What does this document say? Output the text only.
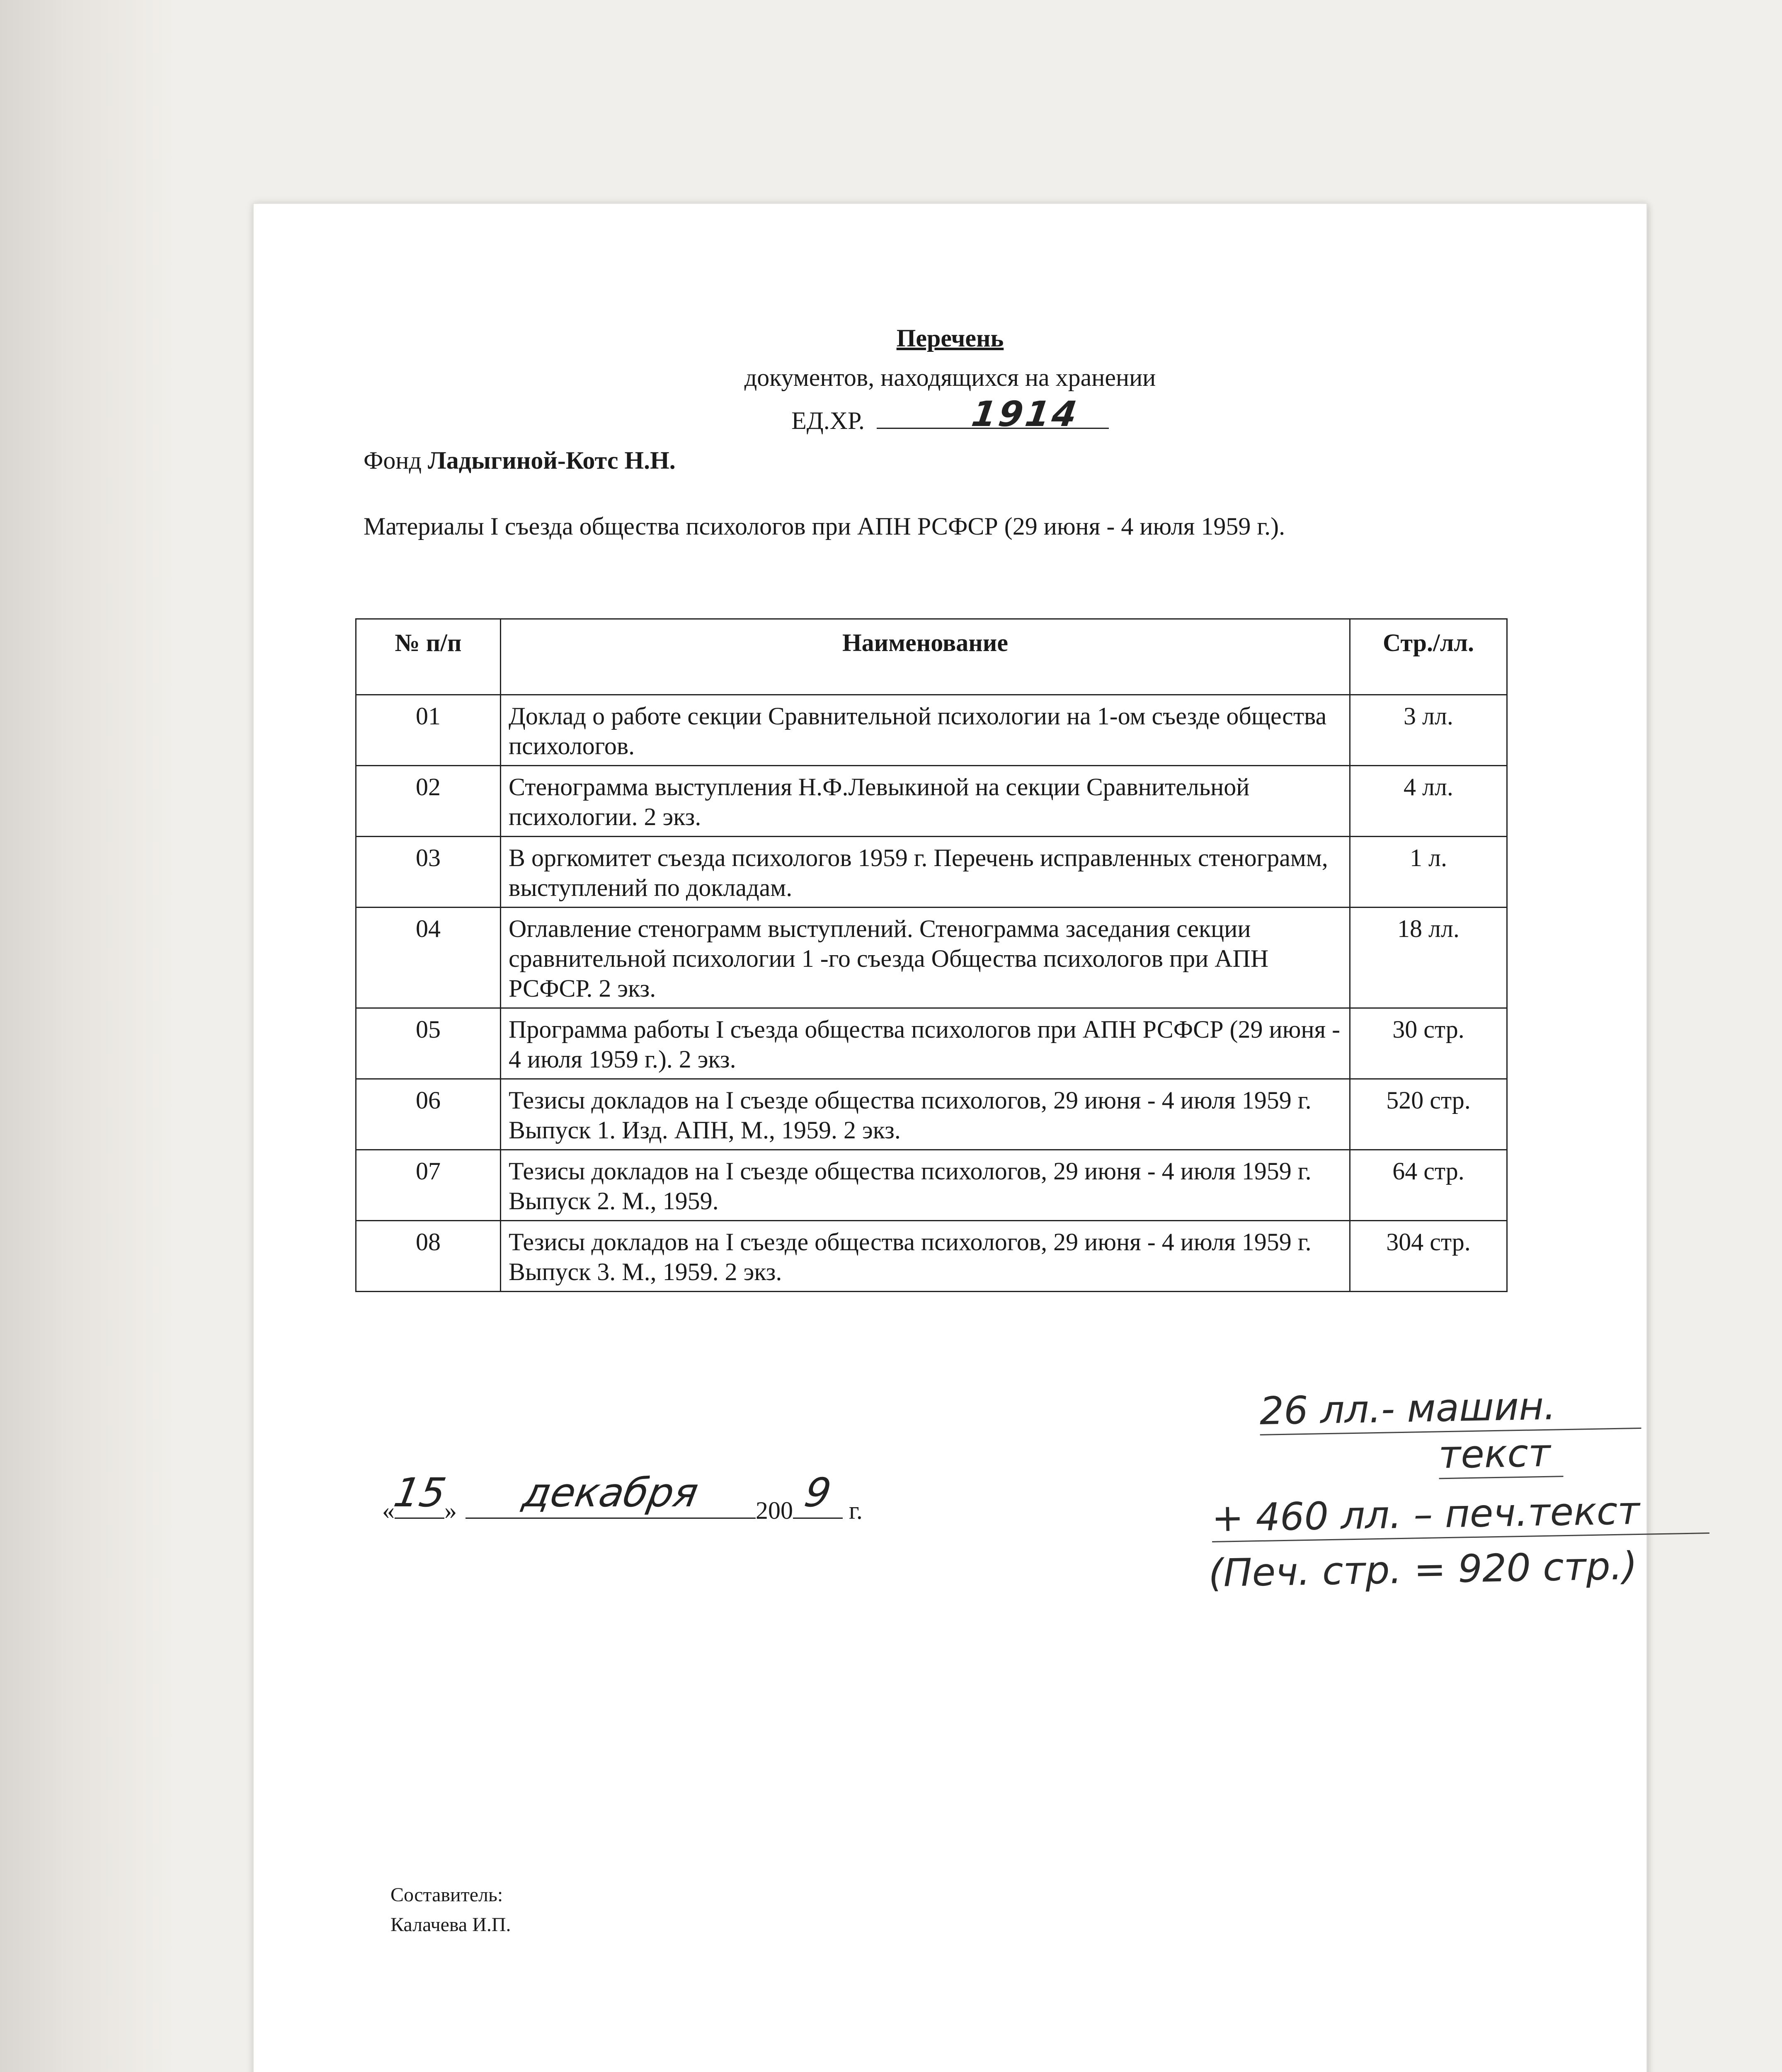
Перечень
документов, находящихся на хранении
ЕД.ХР.	1914
Фонд Ладыгиной-Котс Н.Н.
Материалы I съезда общества психологов при АПН РСФСР (29 июня - 4 июля 1959 г.).
№ п/п	Наименование	Стр./лл.
01	Доклад о работе секции Сравнительной психологии на 1-ом съезде общества психологов.	3 лл.
02	Стенограмма выступления Н.Ф.Левыкиной на секции Сравнительной психологии. 2 экз.	4 лл.
03	В оргкомитет съезда психологов 1959 г. Перечень исправленных стенограмм, выступлений по докладам.	1 л.
04	Оглавление стенограмм выступлений. Стенограмма заседания секции сравнительной психологии 1 -го съезда Общества психологов при АПН РСФСР. 2 экз.	18 лл.
05	Программа работы I съезда общества психологов при АПН РСФСР (29 июня - 4 июля 1959 г.). 2 экз.	30 стр.
06	Тезисы докладов на I съезде общества психологов, 29 июня - 4 июля 1959 г. Выпуск 1. Изд. АПН, М., 1959. 2 экз.	520 стр.
07	Тезисы докладов на I съезде общества психологов, 29 июня - 4 июля 1959 г. Выпуск 2. М., 1959.	64 стр.
08	Тезисы докладов на I съезде общества психологов, 29 июня - 4 июля 1959 г. Выпуск 3. М., 1959. 2 экз.	304 стр.
«
15
»	декабря	200 9 г.
26 лл.- машин.
текст
+ 460 лл. – печ.текст
(Печ. стр. = 920 стр.)
Составитель:
Калачева И.П.
